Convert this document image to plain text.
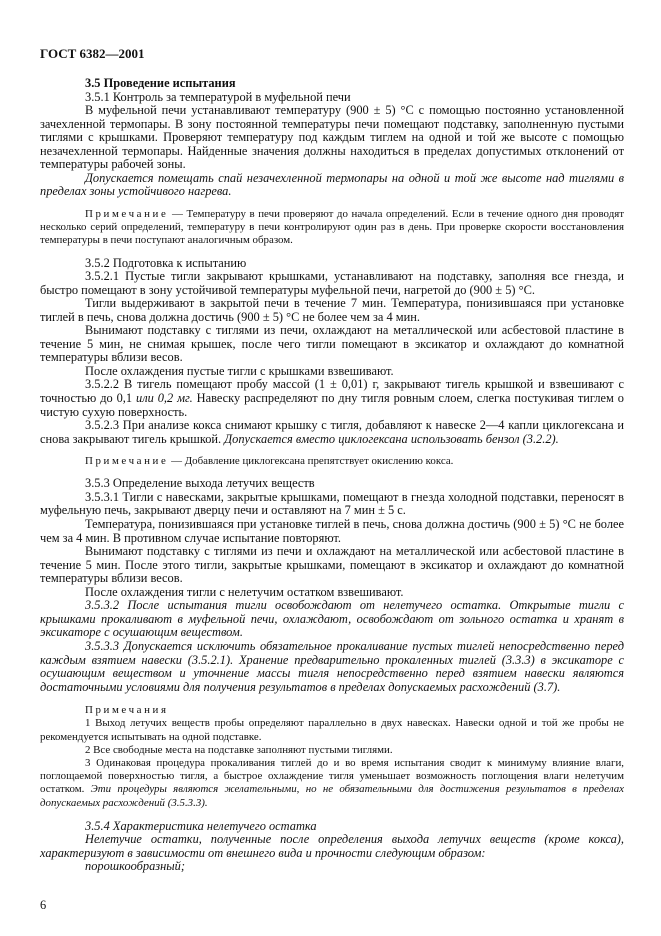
ГОСТ 6382—2001

3.5 Проведение испытания

3.5.1 Контроль за температурой в муфельной печи

В муфельной печи устанавливают температуру (900 ± 5) °С с помощью постоянно установленной зачехленной термопары. В зону постоянной температуры печи помещают подставку, заполненную пустыми тиглями с крышками. Проверяют температуру под каждым тиглем на одной и той же высоте с помощью незачехленной термопары. Найденные значения должны находиться в пределах допустимых отклонений от температуры рабочей зоны.

Допускается помещать спай незачехленной термопары на одной и той же высоте над тиглями в пределах зоны устойчивого нагрева.

Примечание — Температуру в печи проверяют до начала определений. Если в течение одного дня проводят несколько серий определений, температуру в печи контролируют один раз в день. При проверке скорости восстановления температуры в печи поступают аналогичным образом.

3.5.2 Подготовка к испытанию

3.5.2.1 Пустые тигли закрывают крышками, устанавливают на подставку, заполняя все гнезда, и быстро помещают в зону устойчивой температуры муфельной печи, нагретой до (900 ± 5) °С.

Тигли выдерживают в закрытой печи в течение 7 мин. Температура, понизившаяся при установке тиглей в печь, снова должна достичь (900 ± 5) °С не более чем за 4 мин.

Вынимают подставку с тиглями из печи, охлаждают на металлической или асбестовой пластине в течение 5 мин, не снимая крышек, после чего тигли помещают в эксикатор и охлаждают до комнатной температуры вблизи весов.

После охлаждения пустые тигли с крышками взвешивают.

3.5.2.2 В тигель помещают пробу массой (1 ± 0,01) г, закрывают тигель крышкой и взвешивают с точностью до 0,1 или 0,2 мг. Навеску распределяют по дну тигля ровным слоем, слегка постукивая тиглем о чистую сухую поверхность.

3.5.2.3 При анализе кокса снимают крышку с тигля, добавляют к навеске 2—4 капли циклогексана и снова закрывают тигель крышкой. Допускается вместо циклогексана использовать бензол (3.2.2).

Примечание — Добавление циклогексана препятствует окислению кокса.

3.5.3 Определение выхода летучих веществ

3.5.3.1 Тигли с навесками, закрытые крышками, помещают в гнезда холодной подставки, переносят в муфельную печь, закрывают дверцу печи и оставляют на 7 мин ± 5 с.

Температура, понизившаяся при установке тиглей в печь, снова должна достичь (900 ± 5) °С не более чем за 4 мин. В противном случае испытание повторяют.

Вынимают подставку с тиглями из печи и охлаждают на металлической или асбестовой пластине в течение 5 мин. После этого тигли, закрытые крышками, помещают в эксикатор и охлаждают до комнатной температуры вблизи весов.

После охлаждения тигли с нелетучим остатком взвешивают.

3.5.3.2 После испытания тигли освобождают от нелетучего остатка. Открытые тигли с крышками прокаливают в муфельной печи, охлаждают, освобождают от зольного остатка и хранят в эксикаторе с осушающим веществом.

3.5.3.3 Допускается исключить обязательное прокаливание пустых тиглей непосредственно перед каждым взятием навески (3.5.2.1). Хранение предварительно прокаленных тиглей (3.3.3) в эксикаторе с осушающим веществом и уточнение массы тигля непосредственно перед взятием навески являются достаточными условиями для получения результатов в пределах допускаемых расхождений (3.7).

Примечания

1 Выход летучих веществ пробы определяют параллельно в двух навесках. Навески одной и той же пробы не рекомендуется испытывать на одной подставке.

2 Все свободные места на подставке заполняют пустыми тиглями.

3 Одинаковая процедура прокаливания тиглей до и во время испытания сводит к минимуму влияние влаги, поглощаемой поверхностью тигля, а быстрое охлаждение тигля уменьшает возможность поглощения влаги нелетучим остатком. Эти процедуры являются желательными, но не обязательными для достижения результатов в пределах допускаемых расхождений (3.5.3.3).

3.5.4 Характеристика нелетучего остатка

Нелетучие остатки, полученные после определения выхода летучих веществ (кроме кокса), характеризуют в зависимости от внешнего вида и прочности следующим образом:

порошкообразный;

6
